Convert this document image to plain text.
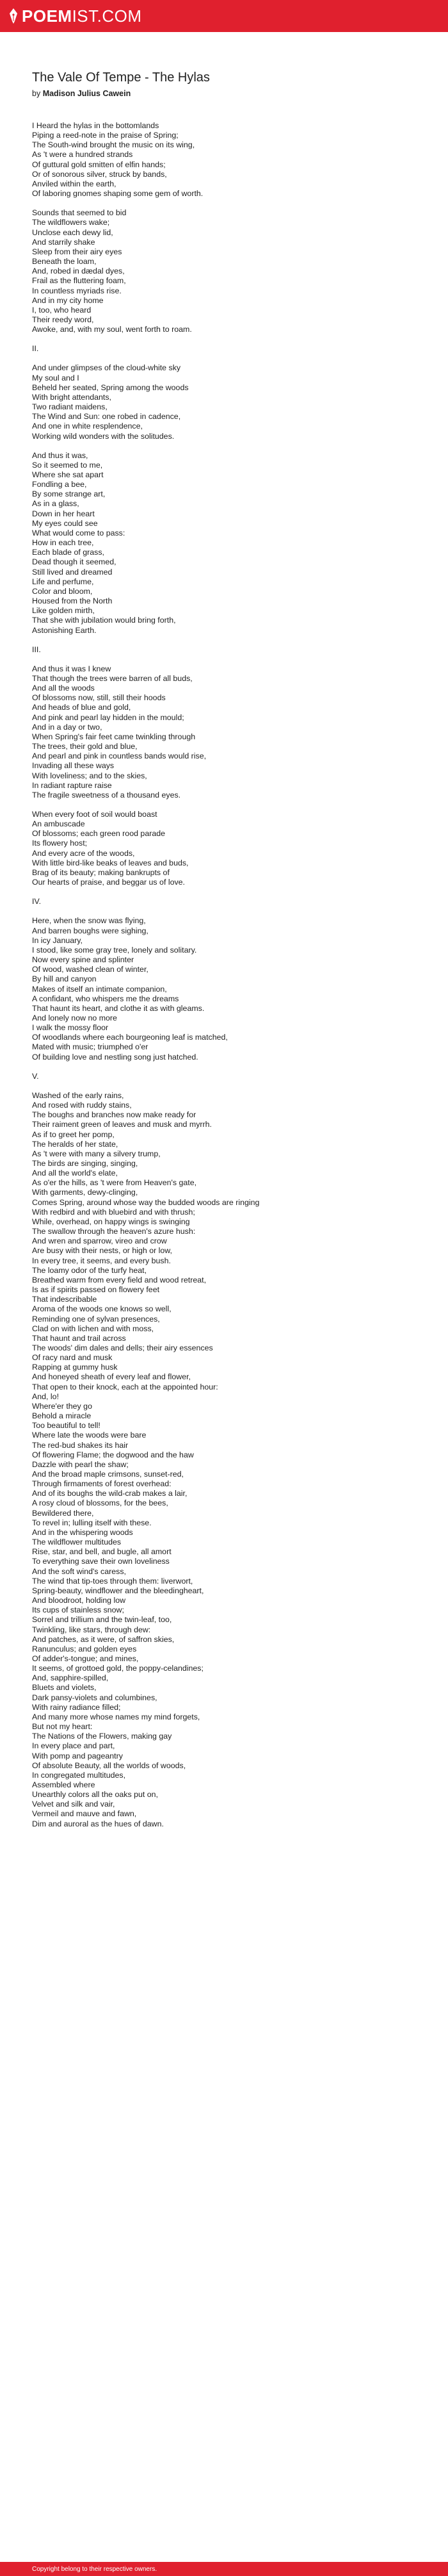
POEMIST.COM
The Vale Of Tempe - The Hylas
by Madison Julius Cawein
I Heard the hylas in the bottomlands
Piping a reed-note in the praise of Spring;
The South-wind brought the music on its wing,
As 't were a hundred strands
Of guttural gold smitten of elfin hands;
Or of sonorous silver, struck by bands,
Anviled within the earth,
Of laboring gnomes shaping some gem of worth.
Sounds that seemed to bid
The wildflowers wake;
Unclose each dewy lid,
And starrily shake
Sleep from their airy eyes
Beneath the loam,
And, robed in dædal dyes,
Frail as the fluttering foam,
In countless myriads rise.
And in my city home
I, too, who heard
Their reedy word,
Awoke, and, with my soul, went forth to roam.
II.
And under glimpses of the cloud-white sky
My soul and I
Beheld her seated, Spring among the woods
With bright attendants,
Two radiant maidens,
The Wind and Sun: one robed in cadence,
And one in white resplendence,
Working wild wonders with the solitudes.
And thus it was,
So it seemed to me,
Where she sat apart
Fondling a bee,
By some strange art,
As in a glass,
Down in her heart
My eyes could see
What would come to pass:
How in each tree,
Each blade of grass,
Dead though it seemed,
Still lived and dreamed
Life and perfume,
Color and bloom,
Housed from the North
Like golden mirth,
That she with jubilation would bring forth,
Astonishing Earth.
III.
And thus it was I knew
That though the trees were barren of all buds,
And all the woods
Of blossoms now, still, still their hoods
And heads of blue and gold,
And pink and pearl lay hidden in the mould;
And in a day or two,
When Spring's fair feet came twinkling through
The trees, their gold and blue,
And pearl and pink in countless bands would rise,
Invading all these ways
With loveliness; and to the skies,
In radiant rapture raise
The fragile sweetness of a thousand eyes.
When every foot of soil would boast
An ambuscade
Of blossoms; each green rood parade
Its flowery host;
And every acre of the woods,
With little bird-like beaks of leaves and buds,
Brag of its beauty; making bankrupts of
Our hearts of praise, and beggar us of love.
IV.
Here, when the snow was flying,
And barren boughs were sighing,
In icy January,
I stood, like some gray tree, lonely and solitary.
Now every spine and splinter
Of wood, washed clean of winter,
By hill and canyon
Makes of itself an intimate companion,
A confidant, who whispers me the dreams
That haunt its heart, and clothe it as with gleams.
And lonely now no more
I walk the mossy floor
Of woodlands where each bourgeoning leaf is matched,
Mated with music; triumphed o'er
Of building love and nestling song just hatched.
V.
Washed of the early rains,
And rosed with ruddy stains,
The boughs and branches now make ready for
Their raiment green of leaves and musk and myrrh.
As if to greet her pomp,
The heralds of her state,
As 't were with many a silvery trump,
The birds are singing, singing,
And all the world's elate,
As o'er the hills, as 't were from Heaven's gate,
With garments, dewy-clinging,
Comes Spring, around whose way the budded woods are ringing
With redbird and with bluebird and with thrush;
While, overhead, on happy wings is swinging
The swallow through the heaven's azure hush:
And wren and sparrow, vireo and crow
Are busy with their nests, or high or low,
In every tree, it seems, and every bush.
The loamy odor of the turfy heat,
Breathed warm from every field and wood retreat,
Is as if spirits passed on flowery feet
That indescribable
Aroma of the woods one knows so well,
Reminding one of sylvan presences,
Clad on with lichen and with moss,
That haunt and trail across
The woods' dim dales and dells; their airy essences
Of racy nard and musk
Rapping at gummy husk
And honeyed sheath of every leaf and flower,
That open to their knock, each at the appointed hour:
And, lo!
Where'er they go
Behold a miracle
Too beautiful to tell!
Where late the woods were bare
The red-bud shakes its hair
Of flowering Flame; the dogwood and the haw
Dazzle with pearl the shaw;
And the broad maple crimsons, sunset-red,
Through firmaments of forest overhead:
And of its boughs the wild-crab makes a lair,
A rosy cloud of blossoms, for the bees,
Bewildered there,
To revel in; lulling itself with these.
And in the whispering woods
The wildflower multitudes
Rise, star, and bell, and bugle, all amort
To everything save their own loveliness
And the soft wind's caress,
The wind that tip-toes through them: liverwort,
Spring-beauty, windflower and the bleedingheart,
And bloodroot, holding low
Its cups of stainless snow;
Sorrel and trillium and the twin-leaf, too,
Twinkling, like stars, through dew:
And patches, as it were, of saffron skies,
Ranunculus; and golden eyes
Of adder's-tongue; and mines,
It seems, of grottoed gold, the poppy-celandines;
And, sapphire-spilled,
Bluets and violets,
Dark pansy-violets and columbines,
With rainy radiance filled;
And many more whose names my mind forgets,
But not my heart:
The Nations of the Flowers, making gay
In every place and part,
With pomp and pageantry
Of absolute Beauty, all the worlds of woods,
In congregated multitudes,
Assembled where
Unearthly colors all the oaks put on,
Velvet and silk and vair,
Vermeil and mauve and fawn,
Dim and auroral as the hues of dawn.
Copyright belong to their respective owners.
